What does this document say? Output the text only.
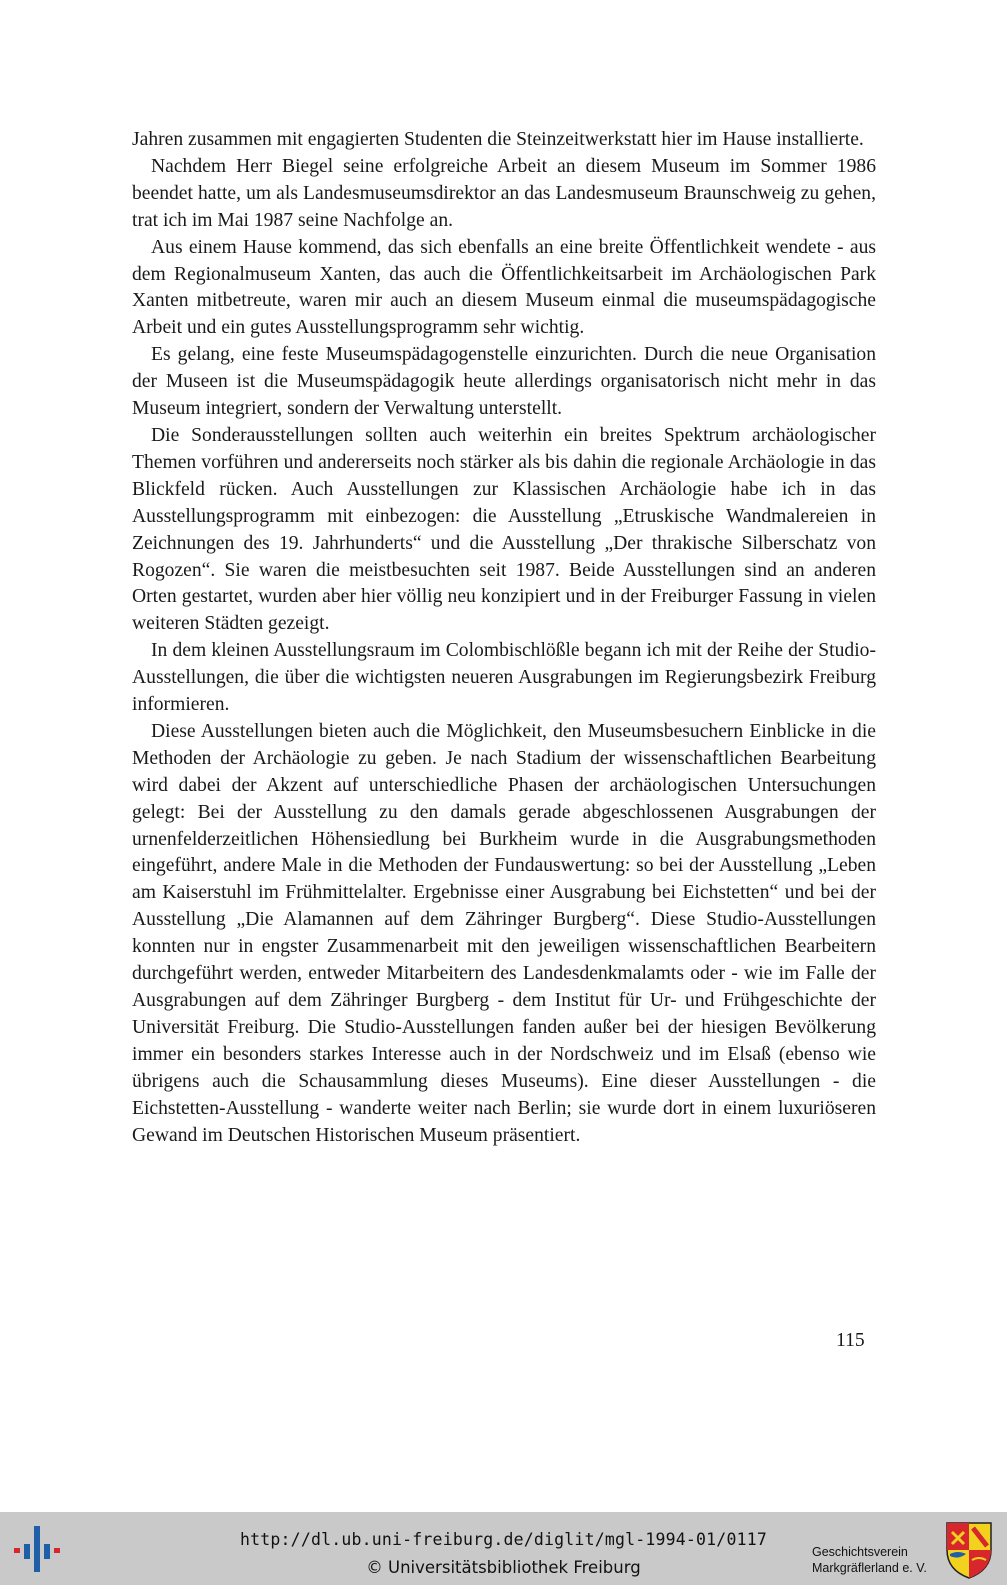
Jahren zusammen mit engagierten Studenten die Steinzeitwerkstatt hier im Hause installierte.

Nachdem Herr Biegel seine erfolgreiche Arbeit an diesem Museum im Sommer 1986 beendet hatte, um als Landesmuseumsdirektor an das Landesmuseum Braunschweig zu gehen, trat ich im Mai 1987 seine Nachfolge an.

Aus einem Hause kommend, das sich ebenfalls an eine breite Öffentlichkeit wendete - aus dem Regionalmuseum Xanten, das auch die Öffentlichkeitsarbeit im Archäologischen Park Xanten mitbetreute, waren mir auch an diesem Museum einmal die museumspädagogische Arbeit und ein gutes Ausstellungsprogramm sehr wichtig.

Es gelang, eine feste Museumspädagogenstelle einzurichten. Durch die neue Organisation der Museen ist die Museumspädagogik heute allerdings organisatorisch nicht mehr in das Museum integriert, sondern der Verwaltung unterstellt.

Die Sonderausstellungen sollten auch weiterhin ein breites Spektrum archäologischer Themen vorführen und andererseits noch stärker als bis dahin die regionale Archäologie in das Blickfeld rücken. Auch Ausstellungen zur Klassischen Archäologie habe ich in das Ausstellungsprogramm mit einbezogen: die Ausstellung „Etruskische Wandmalereien in Zeichnungen des 19. Jahrhunderts“ und die Ausstellung „Der thrakische Silberschatz von Rogozen“. Sie waren die meistbesuchten seit 1987. Beide Ausstellungen sind an anderen Orten gestartet, wurden aber hier völlig neu konzipiert und in der Freiburger Fassung in vielen weiteren Städten gezeigt.

In dem kleinen Ausstellungsraum im Colombischlößle begann ich mit der Reihe der Studio-Ausstellungen, die über die wichtigsten neueren Ausgrabungen im Regierungsbezirk Freiburg informieren.

Diese Ausstellungen bieten auch die Möglichkeit, den Museumsbesuchern Einblicke in die Methoden der Archäologie zu geben. Je nach Stadium der wissenschaftlichen Bearbeitung wird dabei der Akzent auf unterschiedliche Phasen der archäologischen Untersuchungen gelegt: Bei der Ausstellung zu den damals gerade abgeschlossenen Ausgrabungen der urnenfelderzeitlichen Höhensiedlung bei Burkheim wurde in die Ausgrabungsmethoden eingeführt, andere Male in die Methoden der Fundauswertung: so bei der Ausstellung „Leben am Kaiserstuhl im Frühmittelalter. Ergebnisse einer Ausgrabung bei Eichstetten“ und bei der Ausstellung „Die Alamannen auf dem Zähringer Burgberg“. Diese Studio-Ausstellungen konnten nur in engster Zusammenarbeit mit den jeweiligen wissenschaftlichen Bearbeitern durchgeführt werden, entweder Mitarbeitern des Landesdenkmalamts oder - wie im Falle der Ausgrabungen auf dem Zähringer Burgberg - dem Institut für Ur- und Frühgeschichte der Universität Freiburg. Die Studio-Ausstellungen fanden außer bei der hiesigen Bevölkerung immer ein besonders starkes Interesse auch in der Nordschweiz und im Elsaß (ebenso wie übrigens auch die Schausammlung dieses Museums). Eine dieser Ausstellungen - die Eichstetten-Ausstellung - wanderte weiter nach Berlin; sie wurde dort in einem luxuriöseren Gewand im Deutschen Historischen Museum präsentiert.

115
http://dl.ub.uni-freiburg.de/diglit/mgl-1994-01/0117
© Universitätsbibliothek Freiburg
Geschichtsverein
Markgräflerland e. V.
